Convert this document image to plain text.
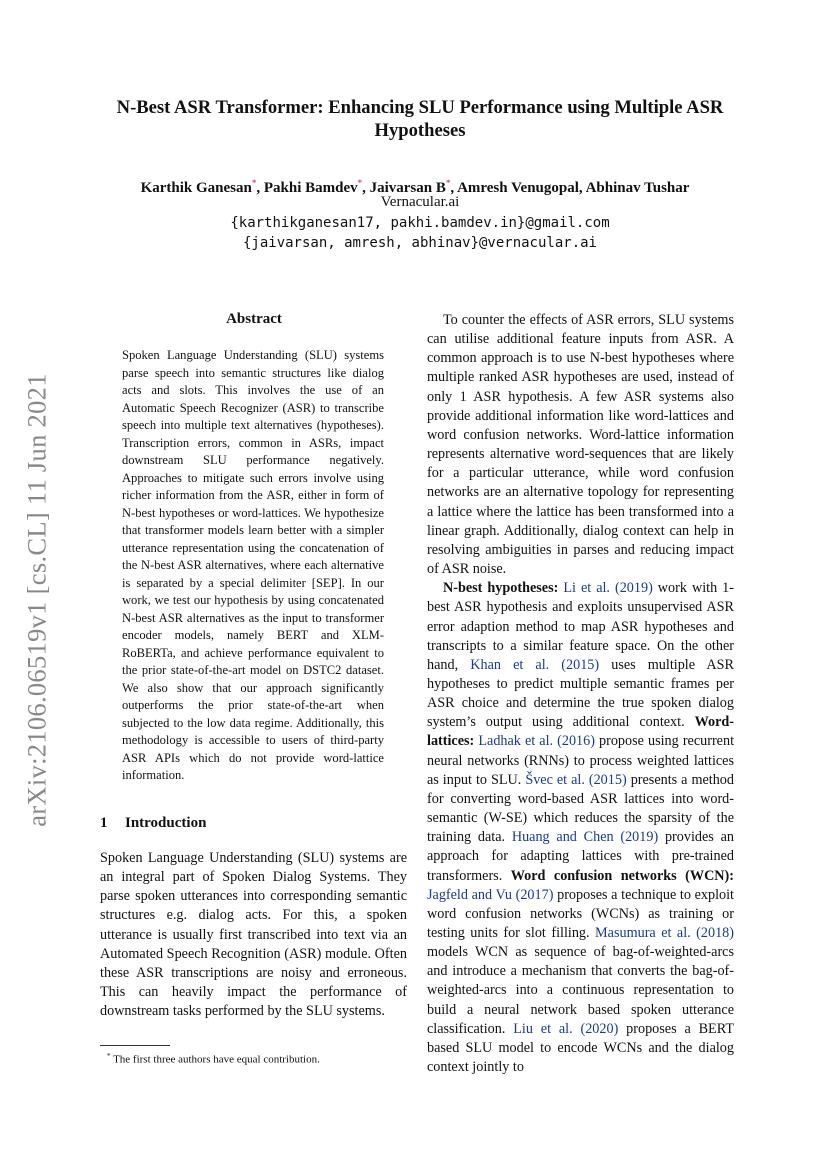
arXiv:2106.06519v1 [cs.CL] 11 Jun 2021
N-Best ASR Transformer: Enhancing SLU Performance using Multiple ASR Hypotheses
Karthik Ganesan*, Pakhi Bamdev*, Jaivarsan B*, Amresh Venugopal, Abhinav Tushar
Vernacular.ai
{karthikganesan17, pakhi.bamdev.in}@gmail.com
{jaivarsan, amresh, abhinav}@vernacular.ai
Abstract

Spoken Language Understanding (SLU) systems parse speech into semantic structures like dialog acts and slots. This involves the use of an Automatic Speech Recognizer (ASR) to transcribe speech into multiple text alternatives (hypotheses). Transcription errors, common in ASRs, impact downstream SLU performance negatively. Approaches to mitigate such errors involve using richer information from the ASR, either in form of N-best hypotheses or word-lattices. We hypothesize that transformer models learn better with a simpler utterance representation using the concatenation of the N-best ASR alternatives, where each alternative is separated by a special delimiter [SEP]. In our work, we test our hypothesis by using concatenated N-best ASR alternatives as the input to transformer encoder models, namely BERT and XLM-RoBERTa, and achieve performance equivalent to the prior state-of-the-art model on DSTC2 dataset. We also show that our approach significantly outperforms the prior state-of-the-art when subjected to the low data regime. Additionally, this methodology is accessible to users of third-party ASR APIs which do not provide word-lattice information.

1 Introduction

Spoken Language Understanding (SLU) systems are an integral part of Spoken Dialog Systems. They parse spoken utterances into corresponding semantic structures e.g. dialog acts. For this, a spoken utterance is usually first transcribed into text via an Automated Speech Recognition (ASR) module. Often these ASR transcriptions are noisy and erroneous. This can heavily impact the performance of downstream tasks performed by the SLU systems.

* The first three authors have equal contribution.

To counter the effects of ASR errors, SLU systems can utilise additional feature inputs from ASR. A common approach is to use N-best hypotheses where multiple ranked ASR hypotheses are used, instead of only 1 ASR hypothesis. A few ASR systems also provide additional information like word-lattices and word confusion networks. Word-lattice information represents alternative word-sequences that are likely for a particular utterance, while word confusion networks are an alternative topology for representing a lattice where the lattice has been transformed into a linear graph. Additionally, dialog context can help in resolving ambiguities in parses and reducing impact of ASR noise.

N-best hypotheses: Li et al. (2019) work with 1-best ASR hypothesis and exploits unsupervised ASR error adaption method to map ASR hypotheses and transcripts to a similar feature space. On the other hand, Khan et al. (2015) uses multiple ASR hypotheses to predict multiple semantic frames per ASR choice and determine the true spoken dialog system’s output using additional context. Word-lattices: Ladhak et al. (2016) propose using recurrent neural networks (RNNs) to process weighted lattices as input to SLU. Švec et al. (2015) presents a method for converting word-based ASR lattices into word-semantic (W-SE) which reduces the sparsity of the training data. Huang and Chen (2019) provides an approach for adapting lattices with pre-trained transformers. Word confusion networks (WCN): Jagfeld and Vu (2017) proposes a technique to exploit word confusion networks (WCNs) as training or testing units for slot filling. Masumura et al. (2018) models WCN as sequence of bag-of-weighted-arcs and introduce a mechanism that converts the bag-of-weighted-arcs into a continuous representation to build a neural network based spoken utterance classification. Liu et al. (2020) proposes a BERT based SLU model to encode WCNs and the dialog context jointly to
